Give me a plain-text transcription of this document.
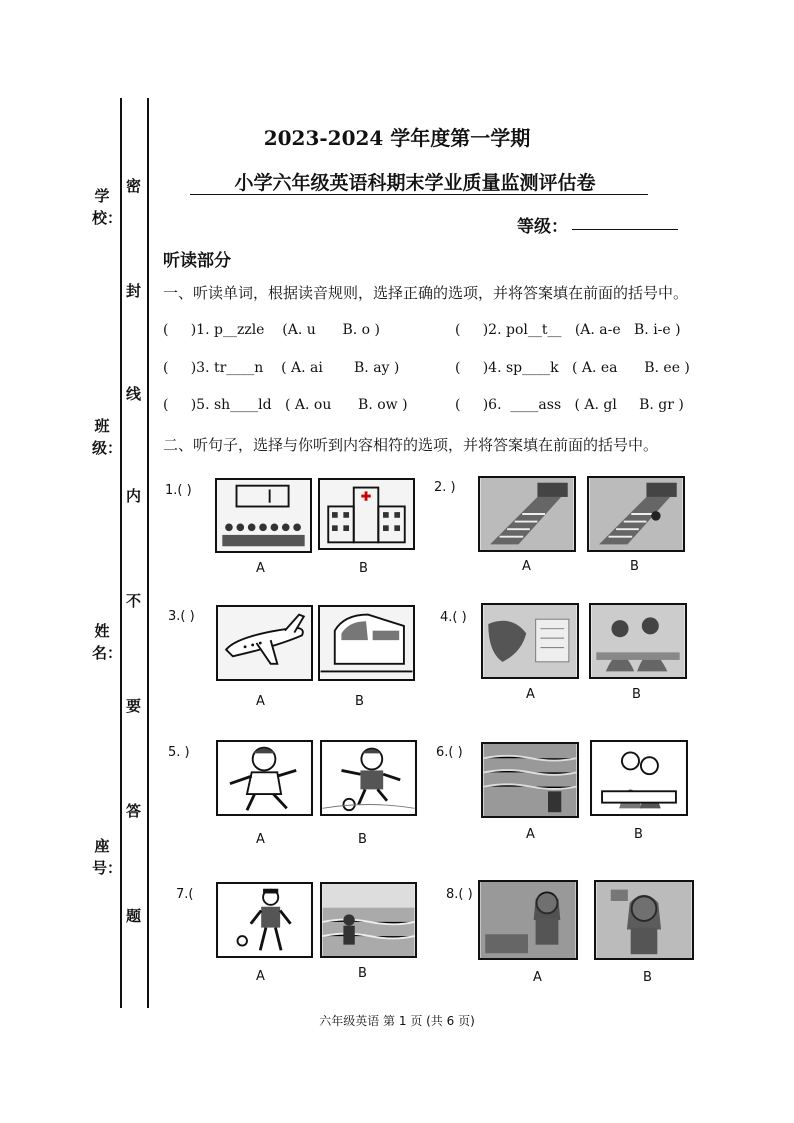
学校：
班级：
姓名：
座号：
密
封
线
内
不
要
答
题
2023-2024 学年度第一学期
小学六年级英语科期末学业质量监测评估卷
等级：
听读部分
一、听读单词，根据读音规则，选择正确的选项，并将答案填在前面的括号中。
(     )1. p__zzle    (A. u      B. o )	(     )2. pol__t__   (A. a-e   B. i-e )
(     )3. tr____n    ( A. ai       B. ay )	(     )4. sp____k   ( A. ea      B. ee )
(     )5. sh____ld   ( A. ou      B. ow )	(     )6.  ____ass   ( A. gl     B. gr )
二、听句子，选择与你听到内容相符的选项，并将答案填在前面的括号中。
1.( )
A	B
2. )
A	B
3.( )
A	B
4.( )
A	B
5. )
A	B
6.( )
A	B
7.(
A	B
8.( )
A	B
六年级英语 第 1 页 (共 6 页)
